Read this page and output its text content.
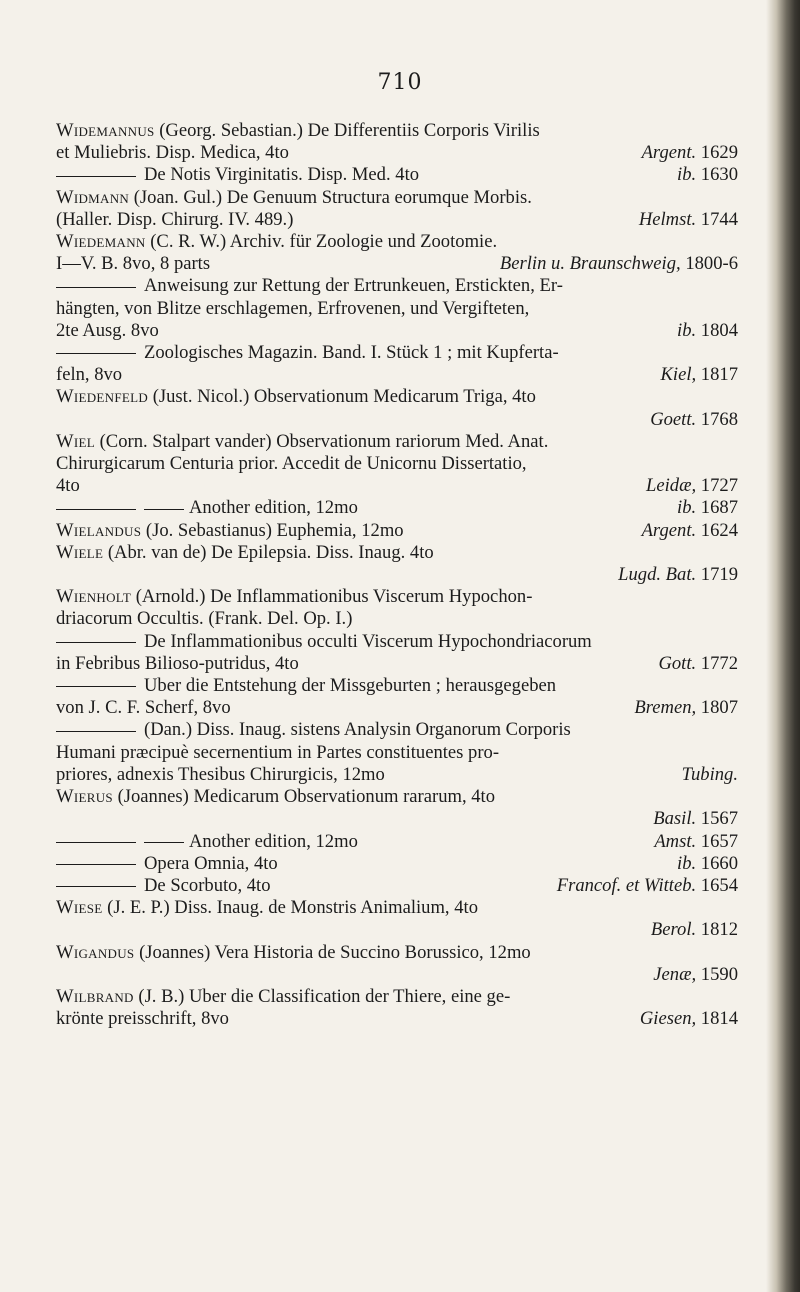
710
Widemannus (Georg. Sebastian.) De Differentiis Corporis Virilis
et Muliebris. Disp. Medica, 4to	Argent. 1629
De Notis Virginitatis. Disp. Med. 4to	ib. 1630
Widmann (Joan. Gul.) De Genuum Structura eorumque Morbis.
(Haller. Disp. Chirurg. IV. 489.)	Helmst. 1744
Wiedemann (C. R. W.) Archiv. für Zoologie und Zootomie.
I—V. B. 8vo, 8 parts	Berlin u. Braunschweig, 1800-6
Anweisung zur Rettung der Ertrunkeuen, Erstickten, Er-
hängten, von Blitze erschlagemen, Erfrovenen, und Vergifteten,
2te Ausg. 8vo	ib. 1804
Zoologisches Magazin. Band. I. Stück 1 ; mit Kupferta-
feln, 8vo	Kiel, 1817
Wiedenfeld (Just. Nicol.) Observationum Medicarum Triga, 4to
Goett. 1768
Wiel (Corn. Stalpart vander) Observationum rariorum Med. Anat.
Chirurgicarum Centuria prior. Accedit de Unicornu Dissertatio,
4to	Leidæ, 1727
Another edition, 12mo	ib. 1687
Wielandus (Jo. Sebastianus) Euphemia, 12mo	Argent. 1624
Wiele (Abr. van de) De Epilepsia. Diss. Inaug. 4to
Lugd. Bat. 1719
Wienholt (Arnold.) De Inflammationibus Viscerum Hypochon-
driacorum Occultis. (Frank. Del. Op. I.)
De Inflammationibus occulti Viscerum Hypochondriacorum
in Febribus Bilioso-putridus, 4to	Gott. 1772
Uber die Entstehung der Missgeburten ; herausgegeben
von J. C. F. Scherf, 8vo	Bremen, 1807
(Dan.) Diss. Inaug. sistens Analysin Organorum Corporis
Humani præcipuè secernentium in Partes constituentes pro-
priores, adnexis Thesibus Chirurgicis, 12mo	Tubing.
Wierus (Joannes) Medicarum Observationum rararum, 4to
Basil. 1567
Another edition, 12mo	Amst. 1657
Opera Omnia, 4to	ib. 1660
De Scorbuto, 4to	Francof. et Witteb. 1654
Wiese (J. E. P.) Diss. Inaug. de Monstris Animalium, 4to
Berol. 1812
Wigandus (Joannes) Vera Historia de Succino Borussico, 12mo
Jenæ, 1590
Wilbrand (J. B.) Uber die Classification der Thiere, eine ge-
krönte preisschrift, 8vo	Giesen, 1814
